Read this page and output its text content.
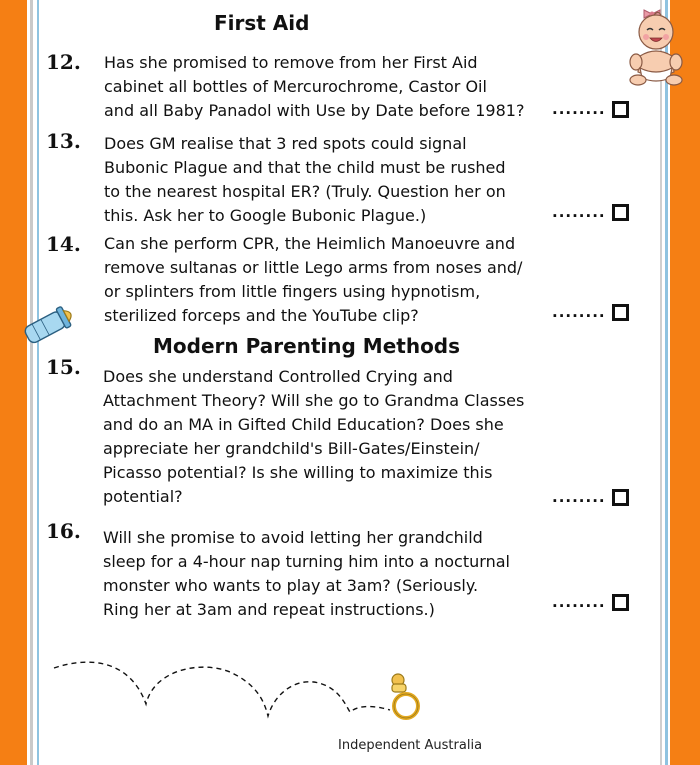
First Aid
Modern Parenting Methods
12. Has she promised to remove from her First Aid
cabinet all bottles of Mercurochrome, Castor Oil
and all Baby Panadol with Use by Date before 1981?	........
13. Does GM realise that 3 red spots could signal
Bubonic Plague and that the child must be rushed
to the nearest hospital ER? (Truly. Question her on
this. Ask her to Google Bubonic Plague.)	........
14. Can she perform CPR, the Heimlich Manoeuvre and
remove sultanas or little Lego arms from noses and/
or splinters from little fingers using hypnotism,
sterilized forceps and the YouTube clip?	........
15. Does she understand Controlled Crying and
Attachment Theory? Will she go to Grandma Classes
and do an MA in Gifted Child Education? Does she
appreciate her grandchild's Bill-Gates/Einstein/
Picasso potential? Is she willing to maximize this
potential?	........
16. Will she promise to avoid letting her grandchild
sleep for a 4-hour nap turning him into a nocturnal
monster who wants to play at 3am? (Seriously.
Ring her at 3am and repeat instructions.)	........
Independent Australia
